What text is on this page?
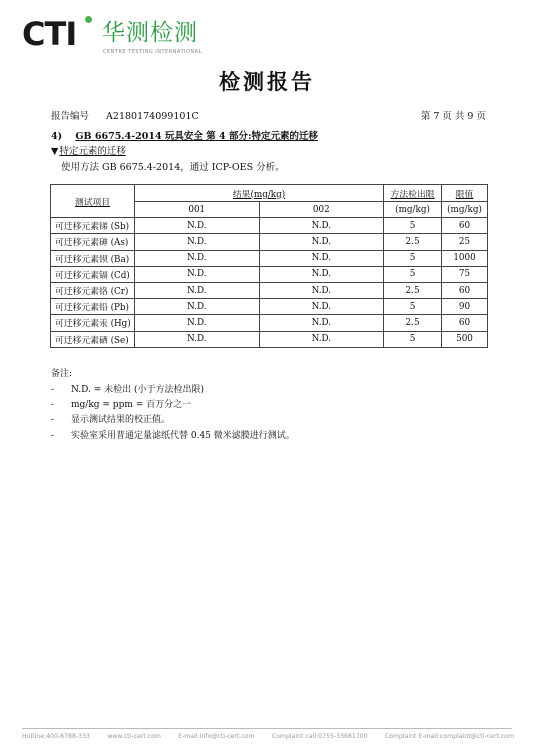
CTI 华测检测
CENTRE TESTING INTERNATIONAL
检测报告
报告编号 A2180174099101C	第 7 页 共 9 页
4) GB 6675.4-2014 玩具安全 第 4 部分:特定元素的迁移
▼特定元素的迁移
使用方法 GB 6675.4-2014，通过 ICP-OES 分析。
测试项目	结果(mg/kg)		方法检出限	限值
	001	002	(mg/kg)	(mg/kg)
可迁移元素锑 (Sb)	N.D.	N.D.	5	60
可迁移元素砷 (As)	N.D.	N.D.	2.5	25
可迁移元素钡 (Ba)	N.D.	N.D.	5	1000
可迁移元素镉 (Cd)	N.D.	N.D.	5	75
可迁移元素铬 (Cr)	N.D.	N.D.	2.5	60
可迁移元素铅 (Pb)	N.D.	N.D.	5	90
可迁移元素汞 (Hg)	N.D.	N.D.	2.5	60
可迁移元素硒 (Se)	N.D.	N.D.	5	500
备注:
- N.D. = 未检出 (小于方法检出限)
- mg/kg = ppm = 百万分之一
- 显示测试结果的校正值。
- 实验室采用普通定量滤纸代替 0.45 微米滤膜进行测试。
Hotline:400-6788-333	www.cti-cert.com	E-mail:info@cti-cert.com	Complaint call:0755-33681700	Complaint E-mail:complaint@cti-cert.com
